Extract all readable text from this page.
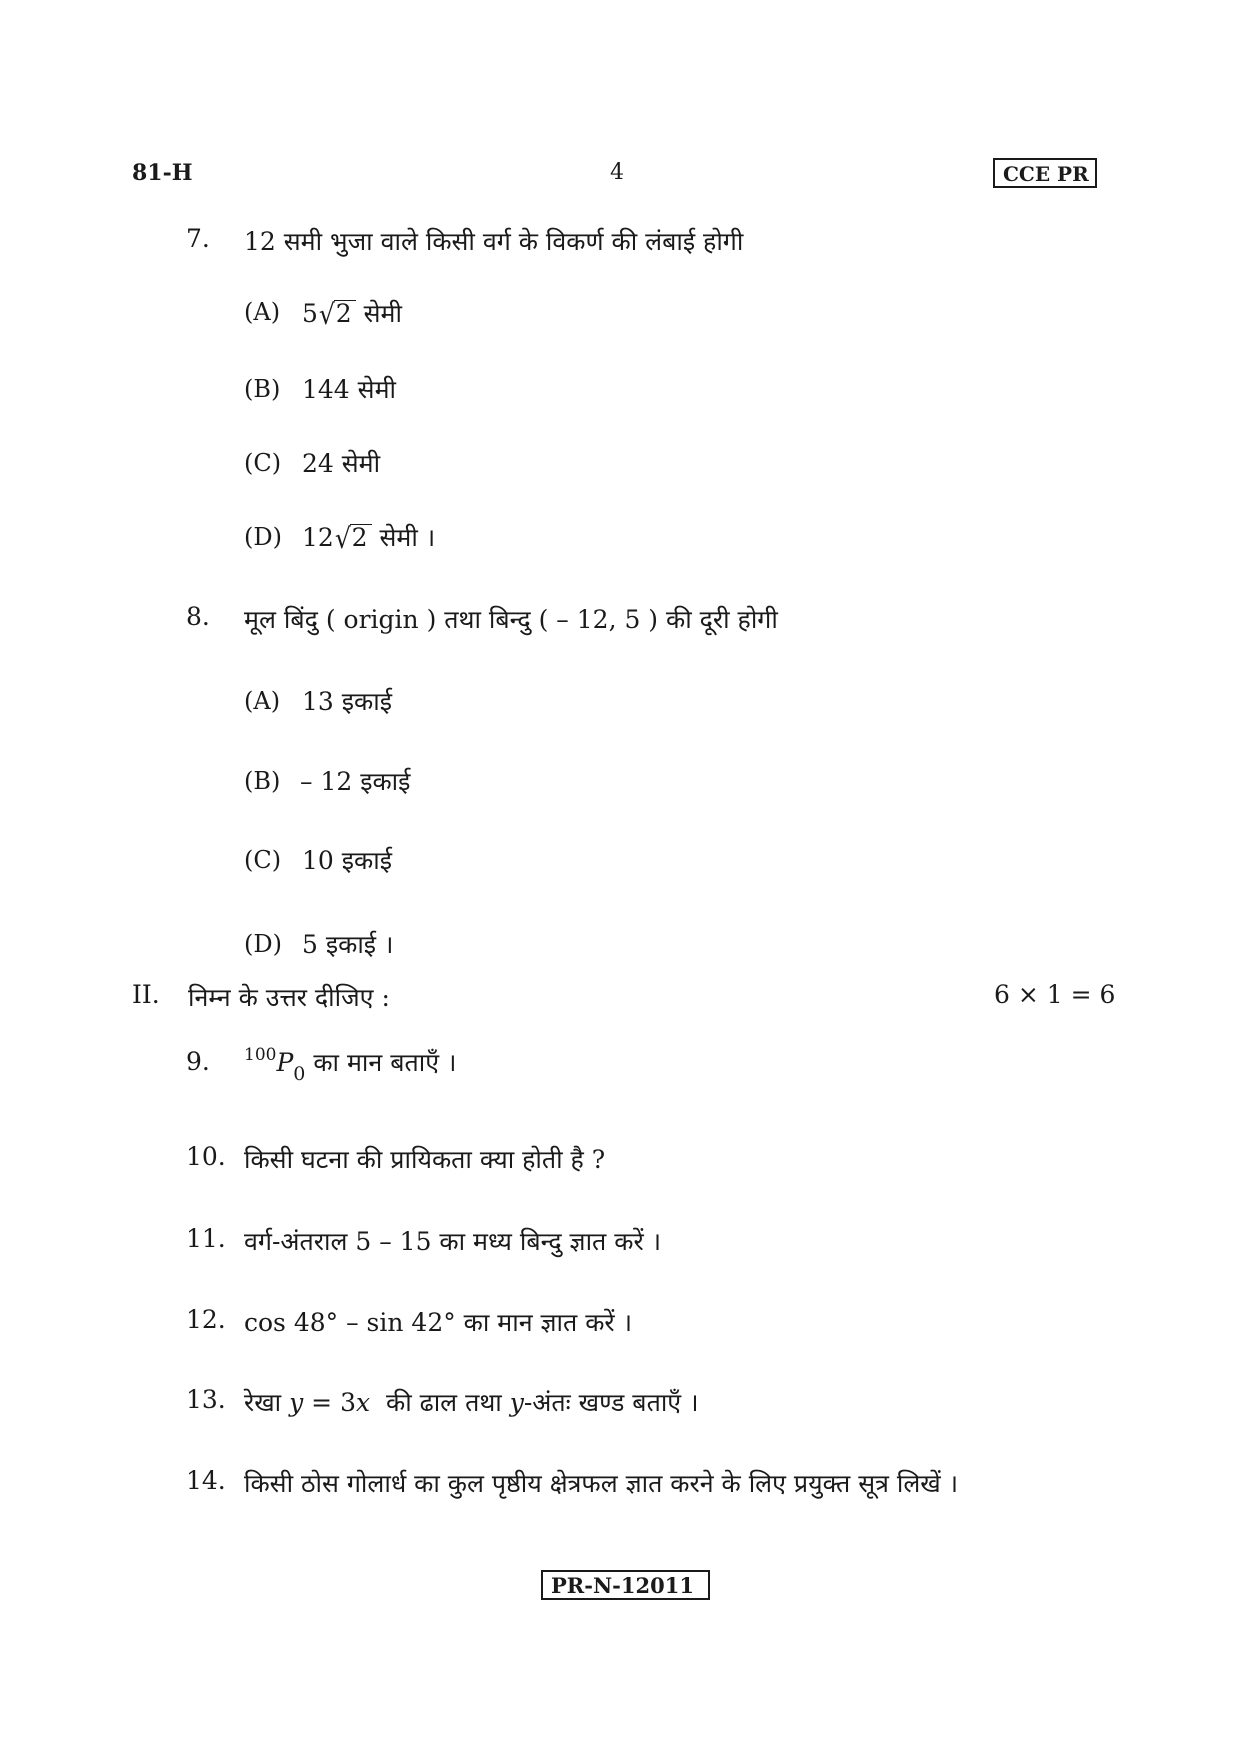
81-H	4	CCE PR
7. 12 समी भुजा वाले किसी वर्ग के विकर्ण की लंबाई होगी
(A) 5√2 सेमी
(B) 144 सेमी
(C) 24 सेमी
(D) 12√2 सेमी ।
8. मूल बिंदु ( origin ) तथा बिन्दु ( – 12, 5 ) की दूरी होगी
(A) 13 इकाई
(B) – 12 इकाई
(C) 10 इकाई
(D) 5 इकाई ।
II. निम्न के उत्तर दीजिए :	6 × 1 = 6
9. $^{100}P_0$ का मान बताएँ ।
10. किसी घटना की प्रायिकता क्या होती है ?
11. वर्ग-अंतराल 5 – 15 का मध्य बिन्दु ज्ञात करें ।
12. cos 48° – sin 42° का मान ज्ञात करें ।
13. रेखा y = 3x की ढाल तथा y-अंतः खण्ड बताएँ ।
14. किसी ठोस गोलार्ध का कुल पृष्ठीय क्षेत्रफल ज्ञात करने के लिए प्रयुक्त सूत्र लिखें ।
PR-N-12011
